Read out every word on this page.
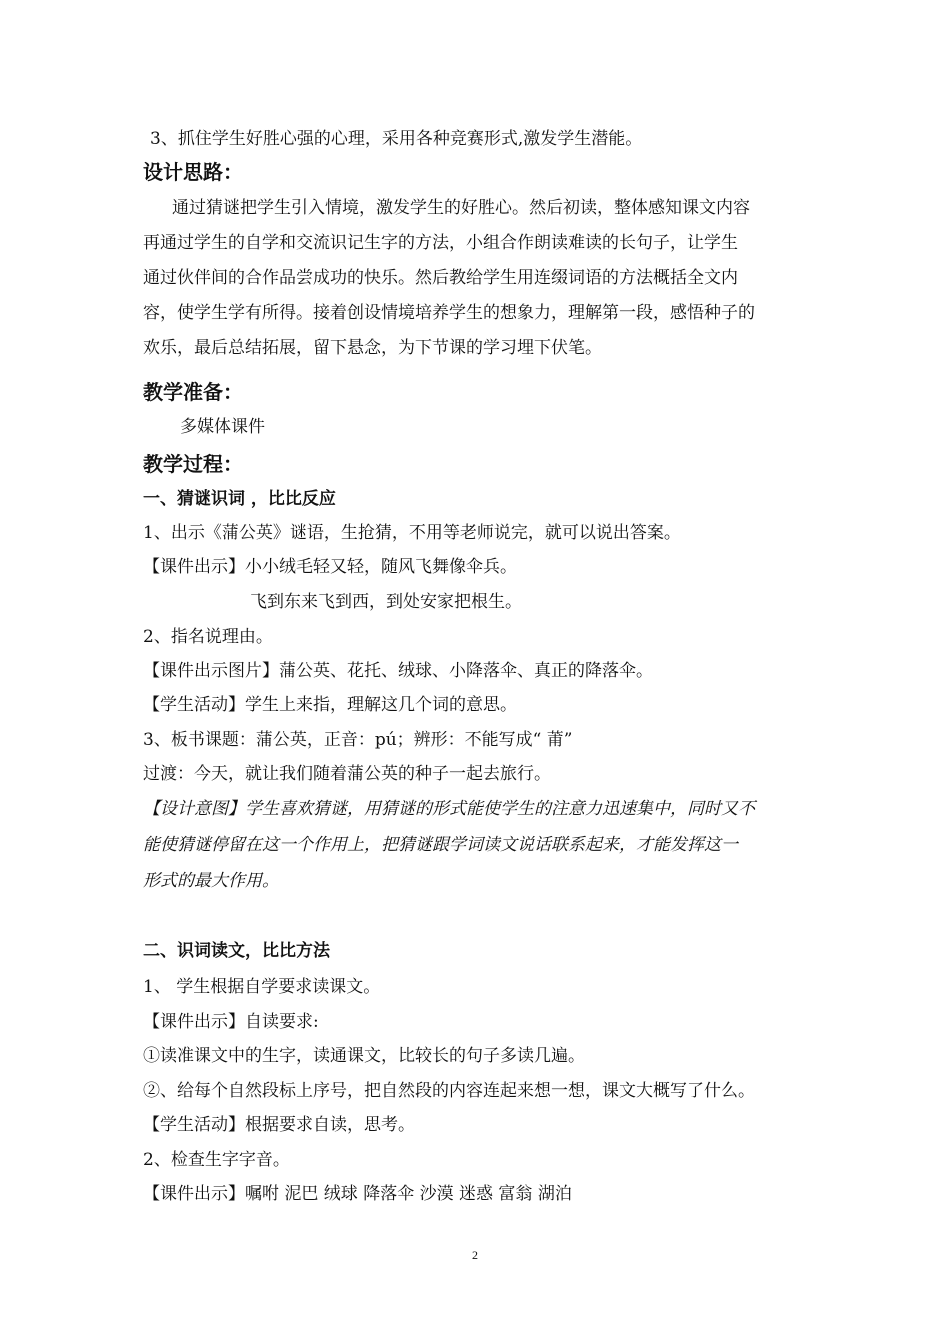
3、抓住学生好胜心强的心理，采用各种竞赛形式,激发学生潜能。
设计思路：
通过猜谜把学生引入情境，激发学生的好胜心。然后初读，整体感知课文内容
再通过学生的自学和交流识记生字的方法，小组合作朗读难读的长句子，让学生
通过伙伴间的合作品尝成功的快乐。然后教给学生用连缀词语的方法概括全文内
容，使学生学有所得。接着创设情境培养学生的想象力，理解第一段，感悟种子的
欢乐，最后总结拓展，留下悬念，为下节课的学习埋下伏笔。
教学准备：
多媒体课件
教学过程：
一、猜谜识词 ，比比反应
1、出示《蒲公英》谜语，生抢猜，不用等老师说完，就可以说出答案。
【课件出示】小小绒毛轻又轻，随风飞舞像伞兵。
飞到东来飞到西，到处安家把根生。
2、指名说理由。
【课件出示图片】蒲公英、花托、绒球、小降落伞、真正的降落伞。
【学生活动】学生上来指，理解这几个词的意思。
3、板书课题：蒲公英，正音：pú；辨形：不能写成“ 莆”
过渡：今天，就让我们随着蒲公英的种子一起去旅行。
【设计意图】学生喜欢猜谜，用猜谜的形式能使学生的注意力迅速集中，同时又不
能使猜谜停留在这一个作用上，把猜谜跟学词读文说话联系起来，才能发挥这一
形式的最大作用。
二、识词读文，比比方法
1、 学生根据自学要求读课文。
【课件出示】自读要求:
①读准课文中的生字，读通课文，比较长的句子多读几遍。
②、给每个自然段标上序号，把自然段的内容连起来想一想，课文大概写了什么。
【学生活动】根据要求自读，思考。
2、检查生字字音。
【课件出示】嘱咐 泥巴 绒球 降落伞 沙漠 迷惑 富翁 湖泊
2
